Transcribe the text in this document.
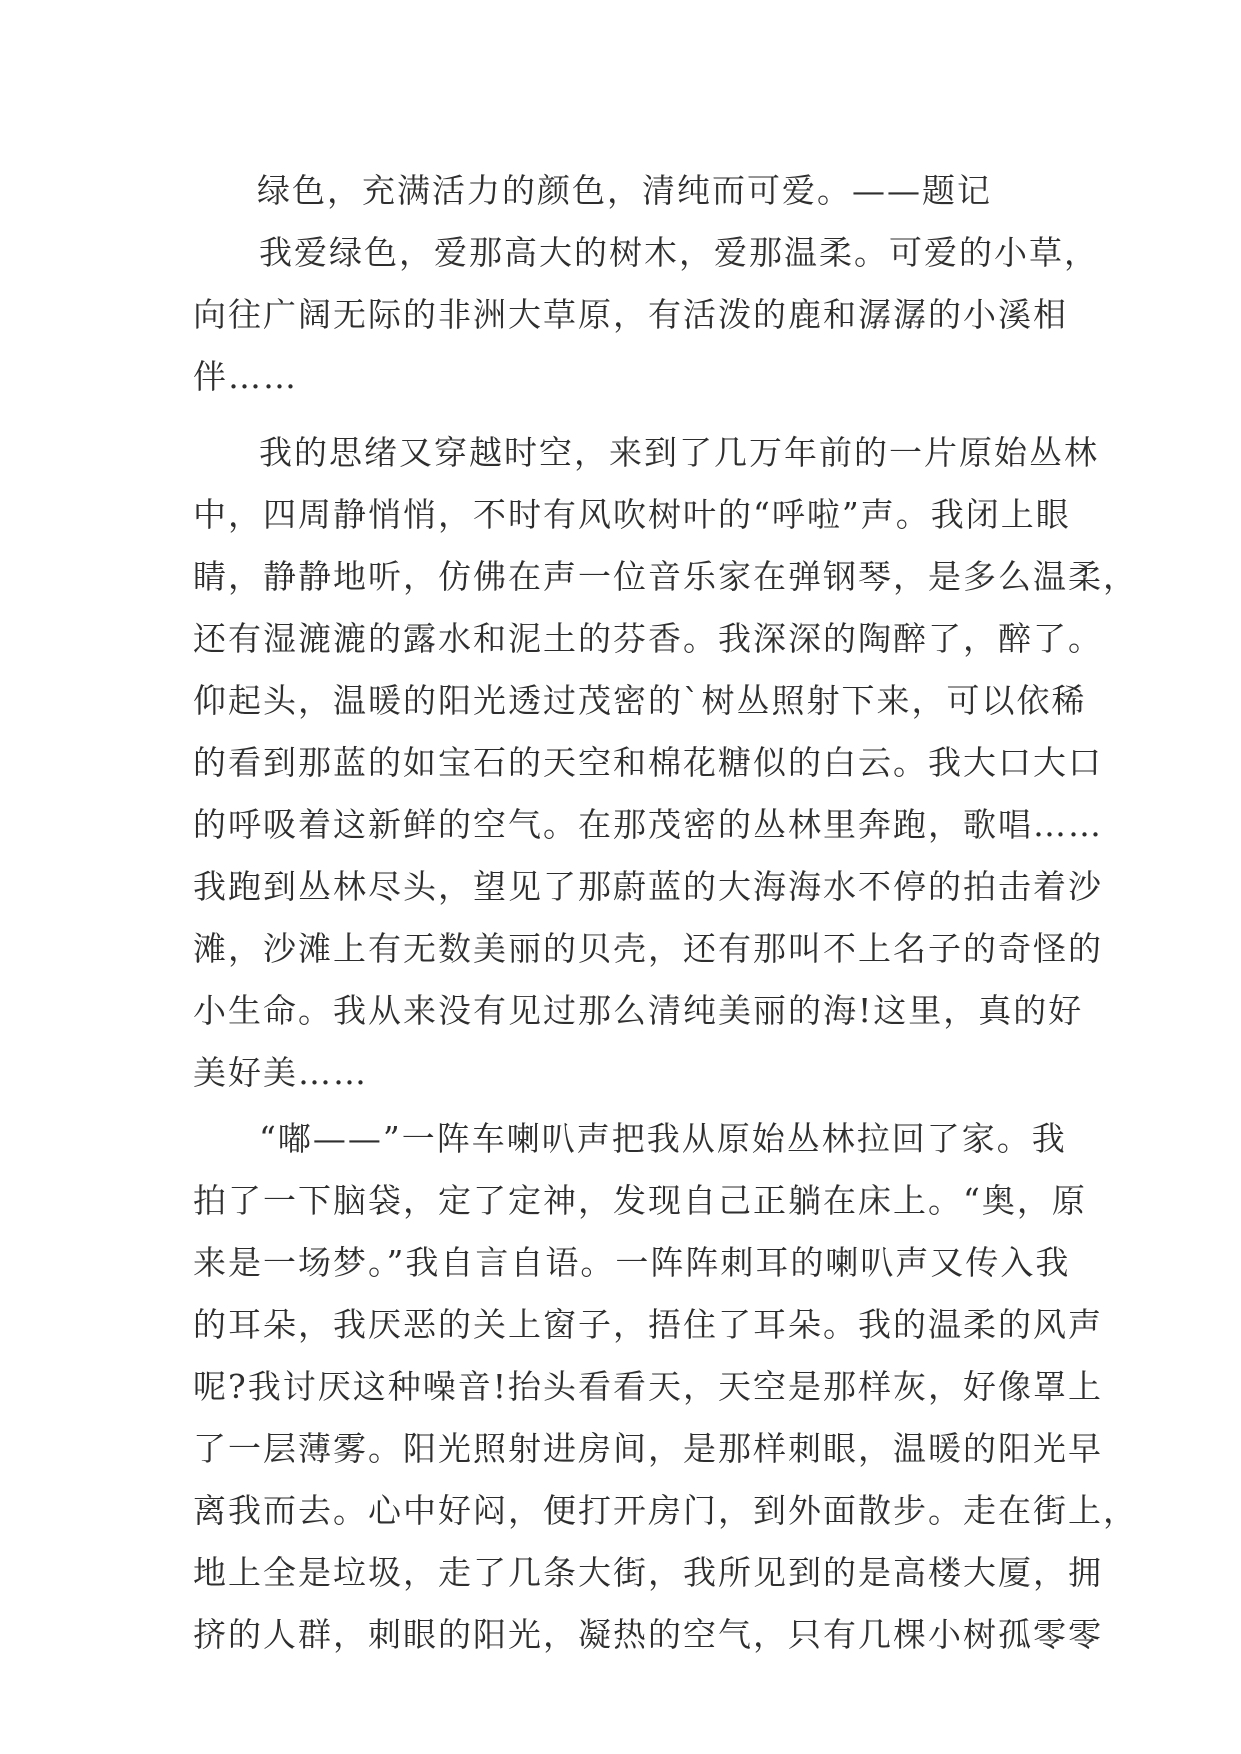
绿色，充满活力的颜色，清纯而可爱。——题记

我爱绿色，爱那高大的树木，爱那温柔。可爱的小草，
向往广阔无际的非洲大草原，有活泼的鹿和潺潺的小溪相
伴……

我的思绪又穿越时空，来到了几万年前的一片原始丛林
中，四周静悄悄，不时有风吹树叶的“呼啦”声。我闭上眼
睛，静静地听，仿佛在声一位音乐家在弹钢琴，是多么温柔，
还有湿漉漉的露水和泥土的芬香。我深深的陶醉了，醉了。
仰起头，温暖的阳光透过茂密的`树丛照射下来，可以依稀
的看到那蓝的如宝石的天空和棉花糖似的白云。我大口大口
的呼吸着这新鲜的空气。在那茂密的丛林里奔跑，歌唱……
我跑到丛林尽头，望见了那蔚蓝的大海海水不停的拍击着沙
滩，沙滩上有无数美丽的贝壳，还有那叫不上名子的奇怪的
小生命。我从来没有见过那么清纯美丽的海!这里，真的好
美好美……

“嘟——”一阵车喇叭声把我从原始丛林拉回了家。我
拍了一下脑袋，定了定神，发现自己正躺在床上。“奥，原
来是一场梦。”我自言自语。一阵阵刺耳的喇叭声又传入我
的耳朵，我厌恶的关上窗子，捂住了耳朵。我的温柔的风声
呢?我讨厌这种噪音!抬头看看天，天空是那样灰，好像罩上
了一层薄雾。阳光照射进房间，是那样刺眼，温暖的阳光早
离我而去。心中好闷，便打开房门，到外面散步。走在街上，
地上全是垃圾，走了几条大街，我所见到的是高楼大厦，拥
挤的人群，刺眼的阳光，凝热的空气，只有几棵小树孤零零
